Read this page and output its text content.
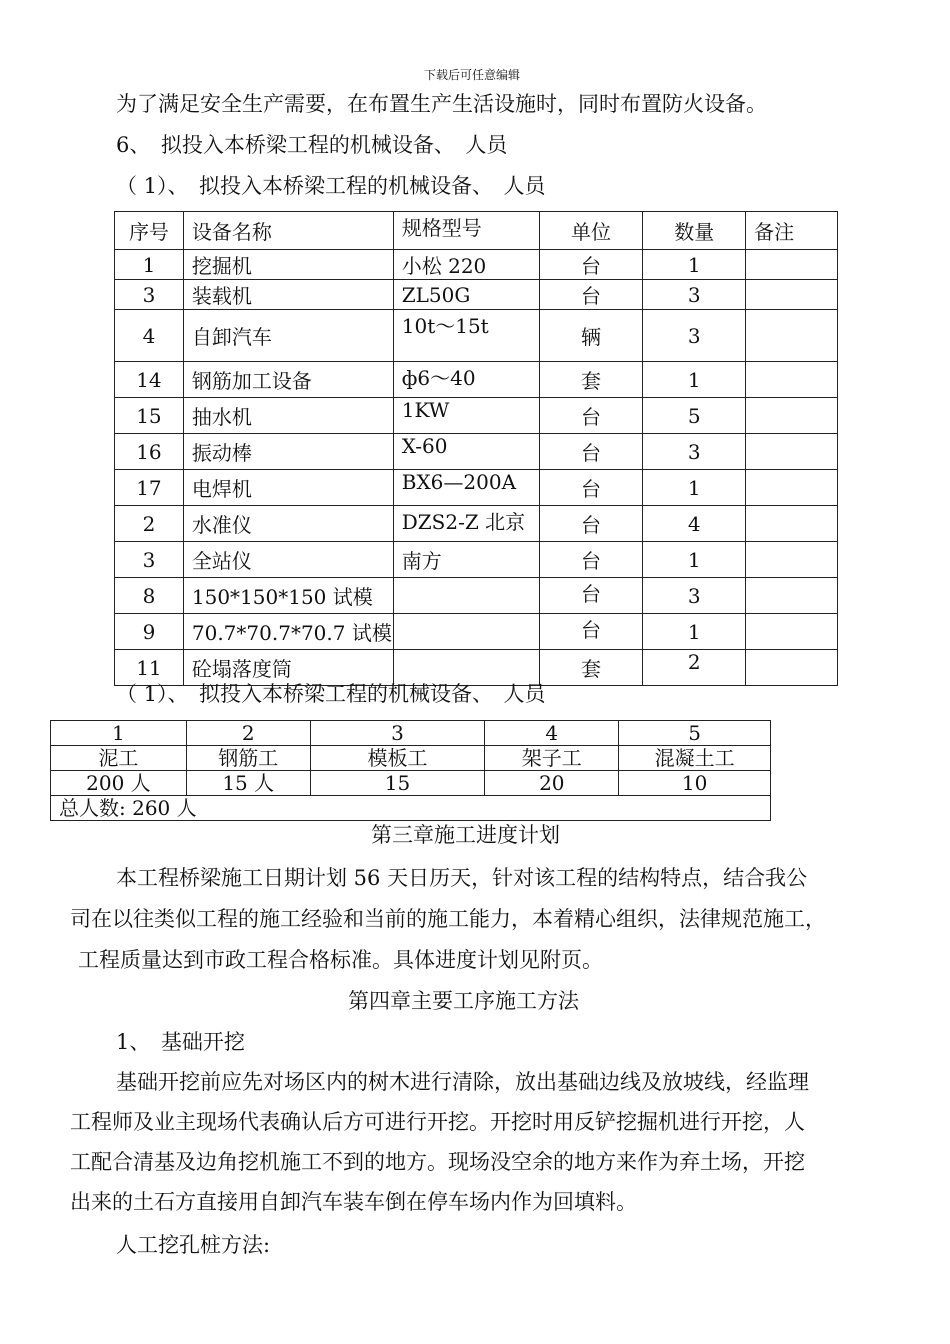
下载后可任意编辑
为了满足安全生产需要，在布置生产生活设施时，同时布置防火设备。
6、　拟投入本桥梁工程的机械设备、　人员
（ 1）、　拟投入本桥梁工程的机械设备、　人员
序号	设备名称	规格型号	单位	数量	备注
1	挖掘机	小松 220	台	1	
3	装载机	ZL50G	台	3	
4	自卸汽车	10t～15t	辆	3	
14	钢筋加工设备	ф6～40	套	1	
15	抽水机	1KW	台	5	
16	振动棒	X-60	台	3	
17	电焊机	BX6—200A	台	1	
2	水准仪	DZS2-Z 北京	台	4	
3	全站仪	南方	台	1	
8	150*150*150 试模		台	3	
9	70.7*70.7*70.7 试模		台	1	
11	砼塌落度筒		套	2	
（ 1）、　拟投入本桥梁工程的机械设备、　人员
1	2	3	4	5
泥工	钢筋工	模板工	架子工	混凝土工
200 人	15 人	15	20	10
总人数: 260 人				
第三章施工进度计划
本工程桥梁施工日期计划 56 天日历天，针对该工程的结构特点，结合我公
司在以往类似工程的施工经验和当前的施工能力，本着精心组织，法律规范施工，
工程质量达到市政工程合格标准。具体进度计划见附页。
第四章主要工序施工方法
1、　基础开挖
基础开挖前应先对场区内的树木进行清除，放出基础边线及放坡线，经监理
工程师及业主现场代表确认后方可进行开挖。开挖时用反铲挖掘机进行开挖，人
工配合清基及边角挖机施工不到的地方。现场没空余的地方来作为弃土场，开挖
出来的土石方直接用自卸汽车装车倒在停车场内作为回填料。
人工挖孔桩方法:
